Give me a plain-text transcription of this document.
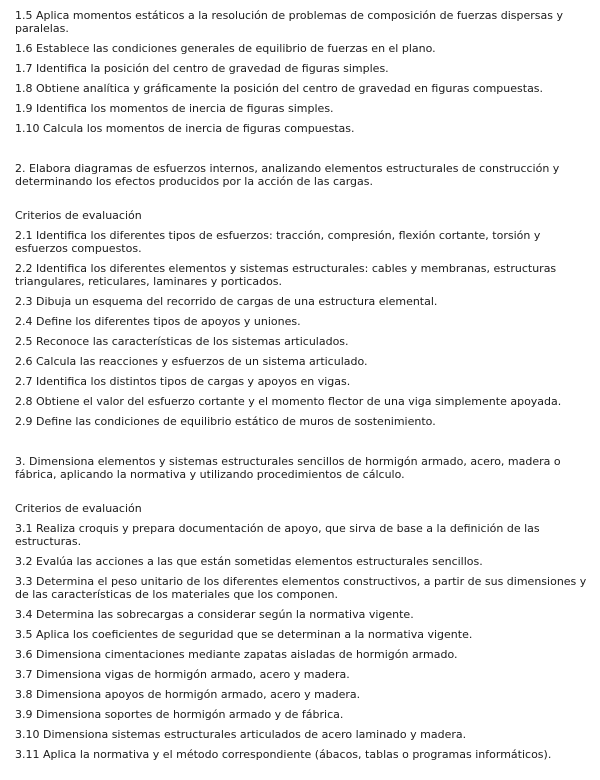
1.5 Aplica momentos estáticos a la resolución de problemas de composición de fuerzas dispersas y paralelas.

1.6 Establece las condiciones generales de equilibrio de fuerzas en el plano.

1.7 Identifica la posición del centro de gravedad de figuras simples.

1.8 Obtiene analítica y gráficamente la posición del centro de gravedad en figuras compuestas.

1.9 Identifica los momentos de inercia de figuras simples.

1.10 Calcula los momentos de inercia de figuras compuestas.

2. Elabora diagramas de esfuerzos internos, analizando elementos estructurales de construcción y determinando los efectos producidos por la acción de las cargas.

Criterios de evaluación

2.1 Identifica los diferentes tipos de esfuerzos: tracción, compresión, flexión cortante, torsión y esfuerzos compuestos.

2.2 Identifica los diferentes elementos y sistemas estructurales: cables y membranas, estructuras triangulares, reticulares, laminares y porticados.

2.3 Dibuja un esquema del recorrido de cargas de una estructura elemental.

2.4 Define los diferentes tipos de apoyos y uniones.

2.5 Reconoce las características de los sistemas articulados.

2.6 Calcula las reacciones y esfuerzos de un sistema articulado.

2.7 Identifica los distintos tipos de cargas y apoyos en vigas.

2.8 Obtiene el valor del esfuerzo cortante y el momento flector de una viga simplemente apoyada.

2.9 Define las condiciones de equilibrio estático de muros de sostenimiento.

3. Dimensiona elementos y sistemas estructurales sencillos de hormigón armado, acero, madera o fábrica, aplicando la normativa y utilizando procedimientos de cálculo.

Criterios de evaluación

3.1 Realiza croquis y prepara documentación de apoyo, que sirva de base a la definición de las estructuras.

3.2 Evalúa las acciones a las que están sometidas elementos estructurales sencillos.

3.3 Determina el peso unitario de los diferentes elementos constructivos, a partir de sus dimensiones y de las características de los materiales que los componen.

3.4 Determina las sobrecargas a considerar según la normativa vigente.

3.5 Aplica los coeficientes de seguridad que se determinan a la normativa vigente.

3.6 Dimensiona cimentaciones mediante zapatas aisladas de hormigón armado.

3.7 Dimensiona vigas de hormigón armado, acero y madera.

3.8 Dimensiona apoyos de hormigón armado, acero y madera.

3.9 Dimensiona soportes de hormigón armado y de fábrica.

3.10 Dimensiona sistemas estructurales articulados de acero laminado y madera.

3.11 Aplica la normativa y el método correspondiente (ábacos, tablas o programas informáticos).
